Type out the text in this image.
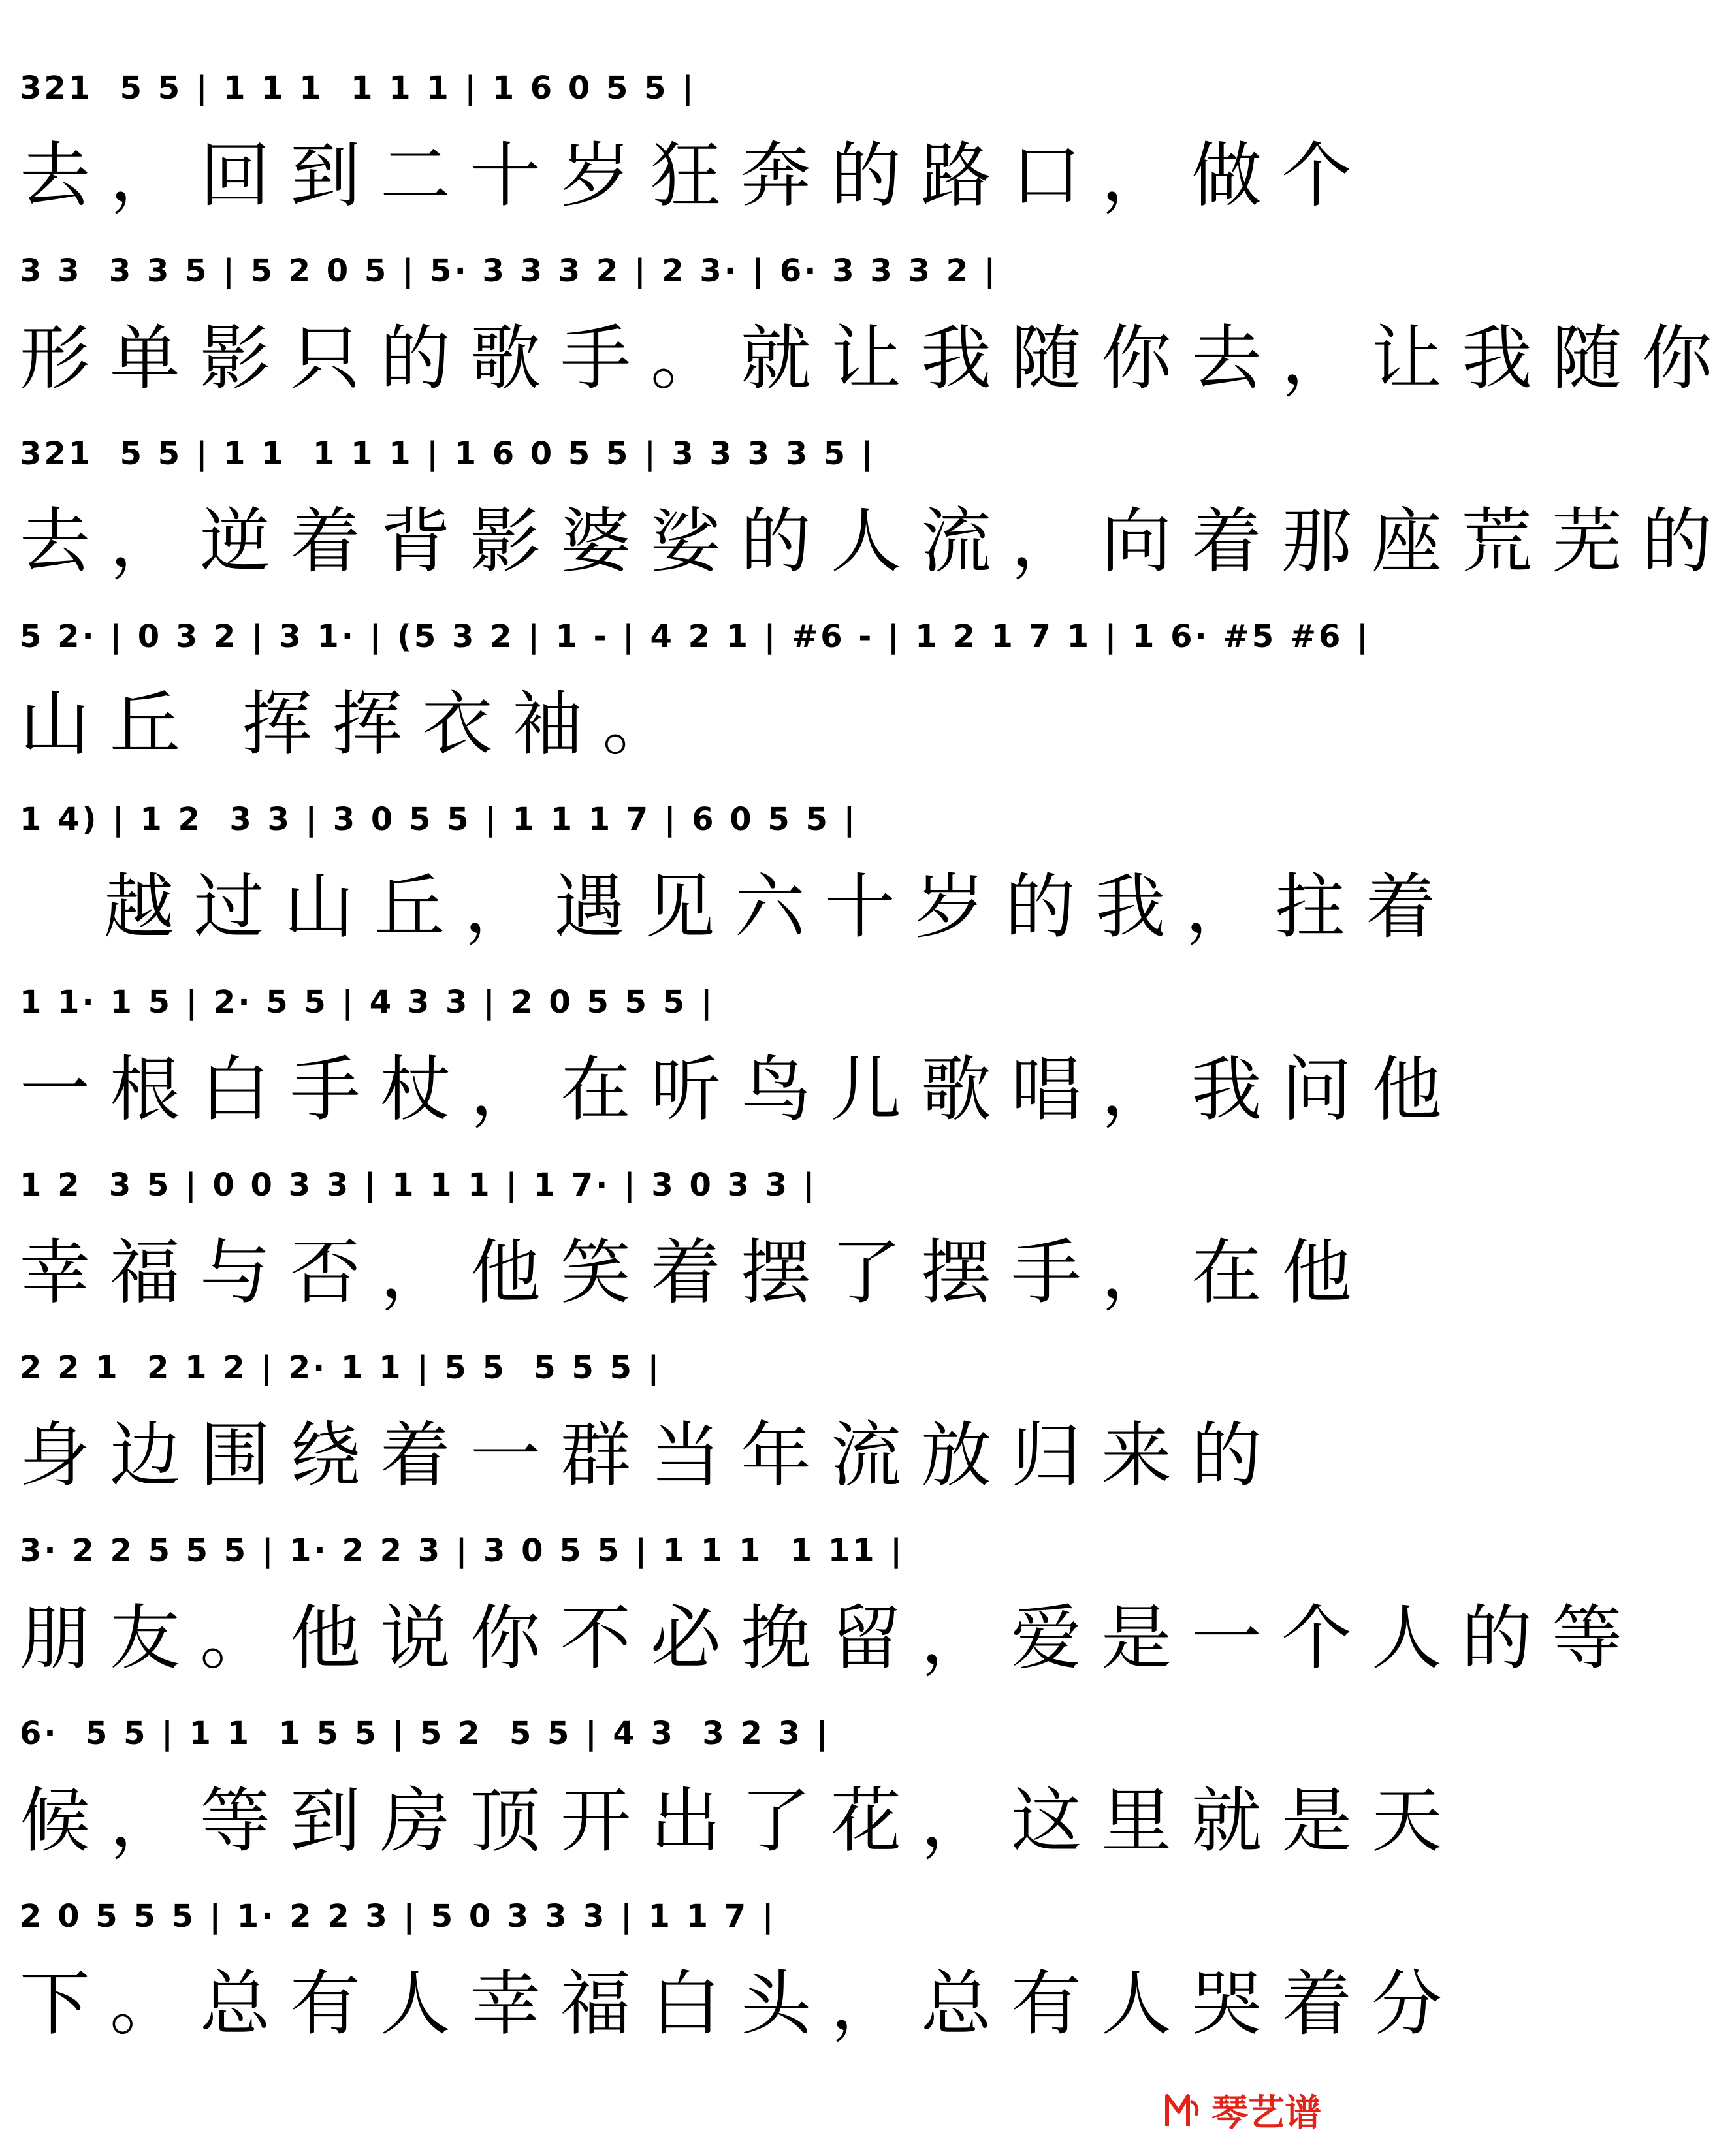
321  5 5 | 1 1 1  1 1 1 | 1 6 0 5 5 |
去，回到二十岁狂奔的路口，做个
3 3  3 3 5 | 5 2 0 5 | 5· 3 3 3 2 | 2 3· | 6· 3 3 3 2 |
形单影只的歌手。就让我随你去，让我随你
321  5 5 | 1 1  1 1 1 | 1 6 0 5 5 | 3 3 3 3 5 |
去，逆着背影婆娑的人流，向着那座荒芜的
5 2· | 0 3 2 | 3 1· | (5 3 2 | 1 - | 4 2 1 | #6 - | 1 2 1 7 1 | 1 6· #5 #6 |
山丘 挥挥衣袖。
1 4) | 1 2  3 3 | 3 0 5 5 | 1 1 1 7 | 6 0 5 5 |
越过山丘，遇见六十岁的我，拄着
1 1· 1 5 | 2· 5 5 | 4 3 3 | 2 0 5 5 5 |
一根白手杖，在听鸟儿歌唱，我问他
1 2  3 5 | 0 0 3 3 | 1 1 1 | 1 7· | 3 0 3 3 |
幸福与否，他笑着摆了摆手，在他
2 2 1  2 1 2 | 2· 1 1 | 5 5  5 5 5 |
身边围绕着一群当年流放归来的
3· 2 2 5 5 5 | 1· 2 2 3 | 3 0 5 5 | 1 1 1  1 11 |
朋友。他说你不必挽留，爱是一个人的等
6·  5 5 | 1 1  1 5 5 | 5 2  5 5 | 4 3  3 2 3 |
候，等到房顶开出了花，这里就是天
2 0 5 5 5 | 1· 2 2 3 | 5 0 3 3 3 | 1 1 7 |
下。总有人幸福白头，总有人哭着分
琴艺谱
